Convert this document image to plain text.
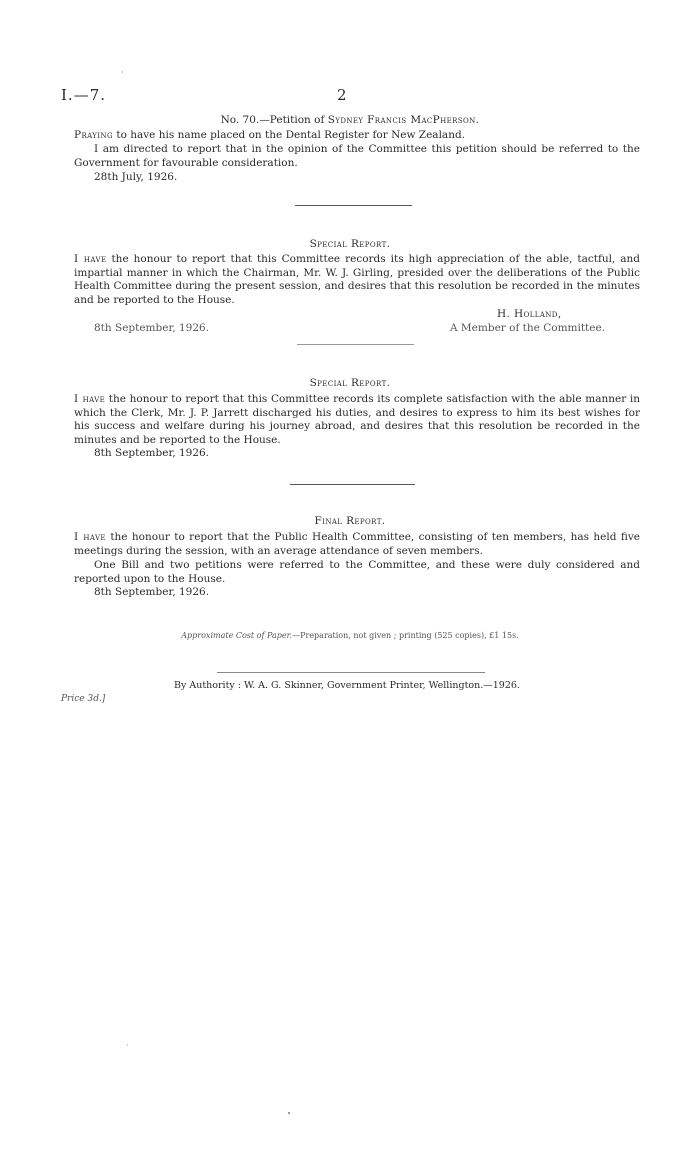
I.—7.	2
No. 70.—Petition of Sydney Francis MacPherson.

Praying to have his name placed on the Dental Register for New Zealand.

I am directed to report that in the opinion of the Committee this petition should be referred to the Government for favourable consideration.

28th July, 1926.
Special Report.

I have the honour to report that this Committee records its high appreciation of the able, tactful, and impartial manner in which the Chairman, Mr. W. J. Girling, presided over the deliberations of the Public Health Committee during the present session, and desires that this resolution be recorded in the minutes and be reported to the House.

H. Holland,
A Member of the Committee.
8th September, 1926.
Special Report.

I have the honour to report that this Committee records its complete satisfaction with the able manner in which the Clerk, Mr. J. P. Jarrett discharged his duties, and desires to express to him its best wishes for his success and welfare during his journey abroad, and desires that this resolution be recorded in the minutes and be reported to the House.

8th September, 1926.
Final Report.

I have the honour to report that the Public Health Committee, consisting of ten members, has held five meetings during the session, with an average attendance of seven members.

One Bill and two petitions were referred to the Committee, and these were duly considered and reported upon to the House.

8th September, 1926.
Approximate Cost of Paper.—Preparation, not given ; printing (525 copies), £1 15s.
By Authority : W. A. G. Skinner, Government Printer, Wellington.—1926.
Price 3d.]
